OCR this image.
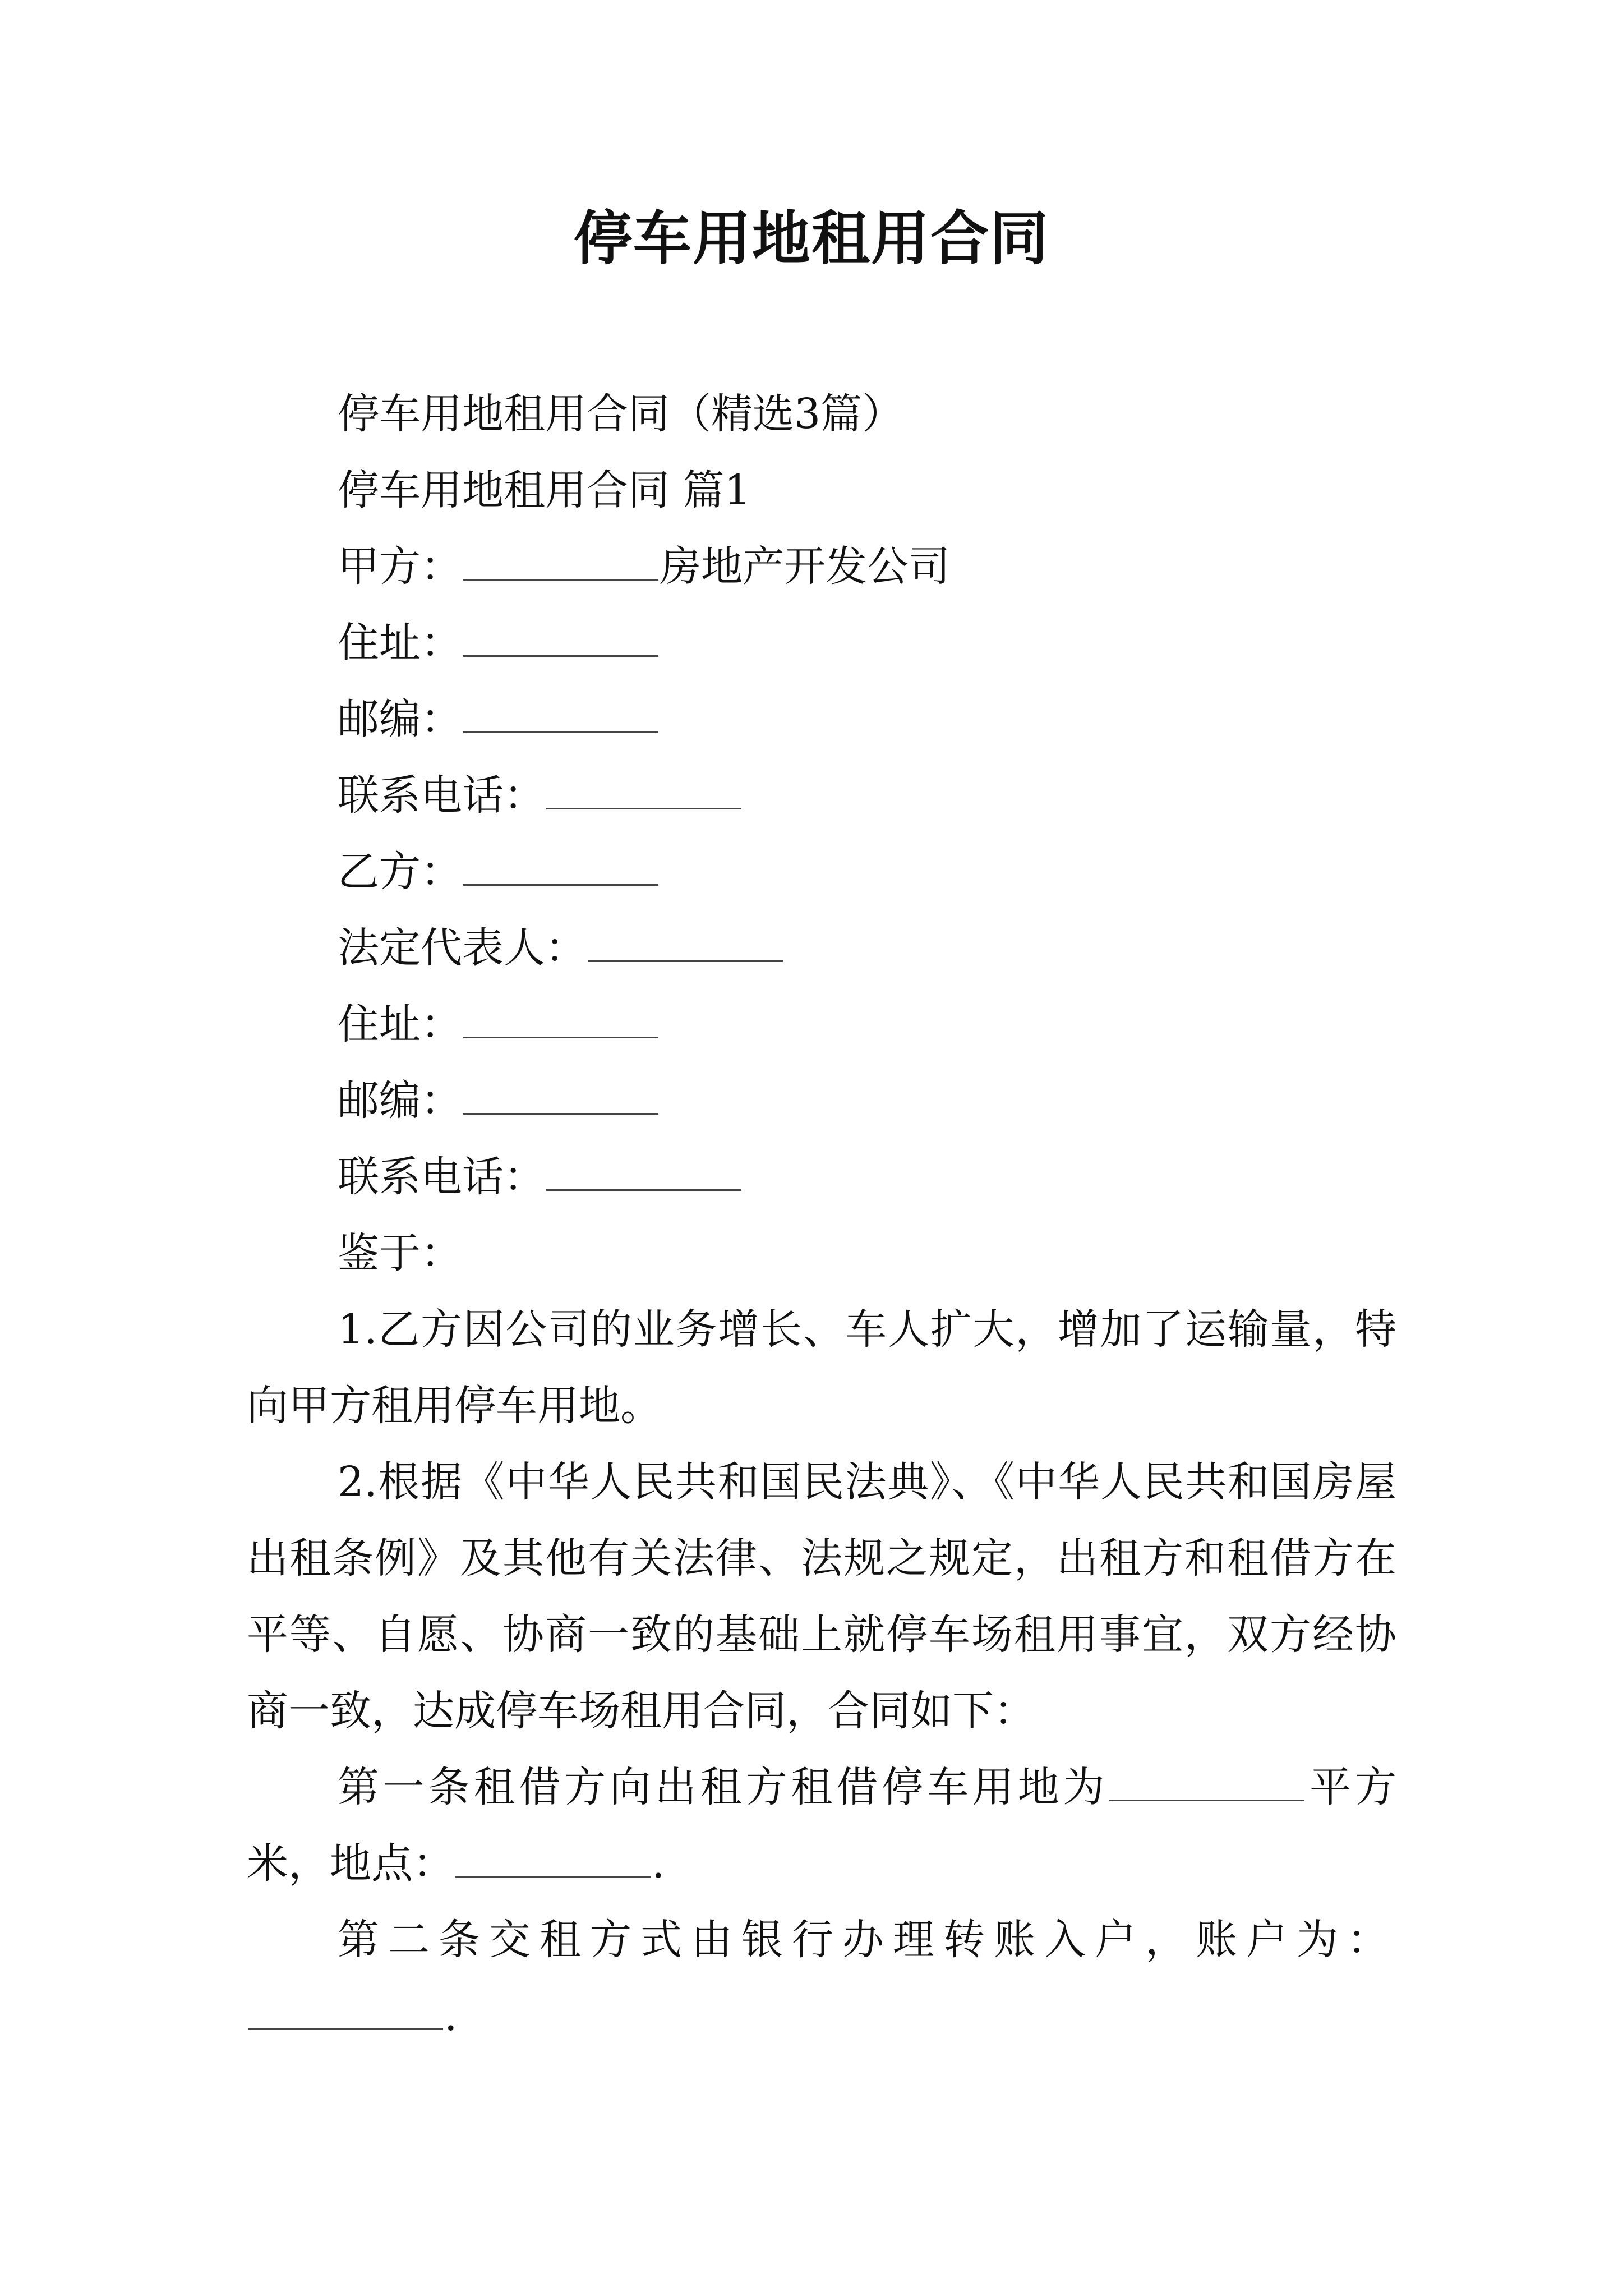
停车用地租用合同
停车用地租用合同（精选3篇）
停车用地租用合同 篇1
甲方：	房地产开发公司
住址：
邮编：
联系电话：
乙方：
法定代表人：
住址：
邮编：
联系电话：
鉴于：
1.乙方因公司的业务增长、车人扩大，增加了运输量，特向甲方租用停车用地。
2.根据《中华人民共和国民法典》、《中华人民共和国房屋出租条例》及其他有关法律、法规之规定，出租方和租借方在平等、自愿、协商一致的基础上就停车场租用事宜，双方经协商一致，达成停车场租用合同，合同如下：
第一条租借方向出租方租借停车用地为	平方米，地点：	.
第二条交租方式由银行办理转账入户，账户为：.
